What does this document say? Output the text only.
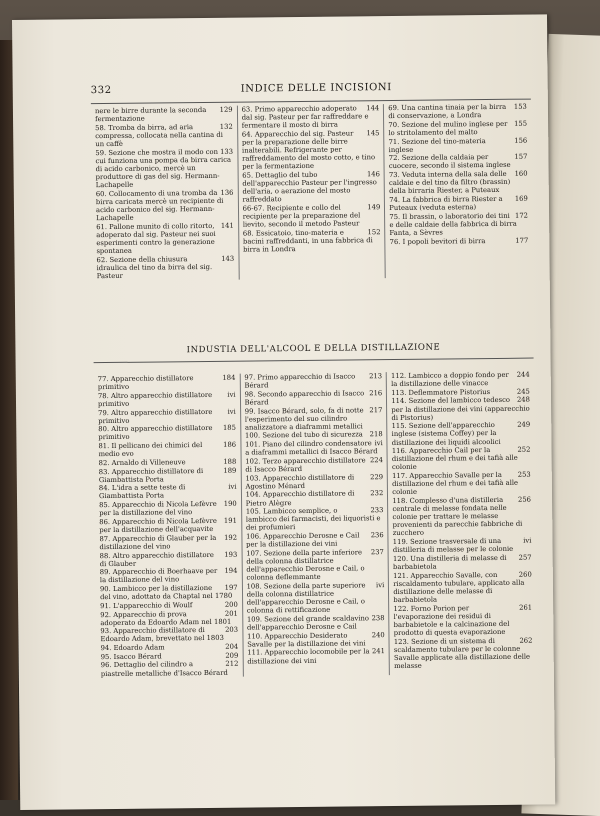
332	INDICE DELLE INCISIONI
129
nere le birre durante la seconda fermentazione
132
58. Tromba da birra, ad aria compressa, collocata nella cantina di un caffè
133
59. Sezione che mostra il modo con cui funziona una pompa da birra carica di acido carbonico, mercè un produttore di gas del sig. Hermann-Lachapelle
136
60. Collocamento di una tromba da birra caricata mercè un recipiente di acido carbonico del sig. Hermann-Lachapelle
141
61. Pallone munito di collo ritorto, adoperato dal sig. Pasteur nei suoi esperimenti contro la generazione spontanea
143
62. Sezione della chiusura idraulica del tino da birra del sig. Pasteur
144
63. Primo apparecchio adoperato dal sig. Pasteur per far raffreddare e fermentare il mosto di birra
145
64. Apparecchio del sig. Pasteur per la preparazione delle birre inalterabili. Refrigerante per raffreddamento del mosto cotto, e tino per la fermentazione
146
65. Dettaglio del tubo dell'apparecchio Pasteur per l'ingresso dell'aria, o aerazione del mosto raffreddato
149
66-67. Recipiente e collo del recipiente per la preparazione del lievito, secondo il metodo Pasteur
152
68. Essicatoio, tino-materia e bacini raffreddanti, in una fabbrica di birra in Londra
153
69. Una cantina tinaia per la birra di conservazione, a Londra
155
70. Sezione del mulino inglese per lo stritolamento del malto
156
71. Sezione del tino-materia inglese
157
72. Sezione della caldaia per cuocere, secondo il sistema inglese
160
73. Veduta interna della sala delle caldaie e del tino da filtro (brassin) della birraria Riester, a Puteaux
169
74. La fabbrica di birra Riester a Puteaux (veduta esterna)
172
75. Il brassin, o laboratorio dei tini e delle caldaie della fabbrica di birra Fanta, a Sèvres
177
76. I popoli bevitori di birra
INDUSTIA DELL'ALCOOL E DELLA DISTILLAZIONE
184
77. Apparecchio distillatore primitivo
ivi
78. Altro apparecchio distillatore primitivo
ivi
79. Altro apparecchio distillatore primitivo
185
80. Altro apparecchio distillatore primitivo
186
81. Il pellicano dei chimici del medio evo
188
82. Arnaldo di Villeneuve
189
83. Apparecchio distillatore di Giambattista Porta
ivi
84. L'idra a sette teste di Giambattista Porta
190
85. Apparecchio di Nicola Lefèvre per la distillazione del vino
191
86. Apparecchio di Nicola Lefèvre per la distillazione dell'acquavite
192
87. Apparecchio di Glauber per la distillazione del vino
193
88. Altro apparecchio distillatore di Glauber
194
89. Apparecchio di Boerhaave per la distillazione del vino
197
90. Lambicco per la distillazione del vino, adottato da Chaptal nel 1780
200
91. L'apparecchio di Woulf
201
92. Apparecchio di prova adoperato da Edoardo Adam nel 1801
203
93. Apparecchio distillatore di Edoardo Adam, brevettato nel 1803
204
94. Edoardo Adam
209
95. Isacco Bérard
212
96. Dettaglio del cilindro a piastrelle metalliche d'Isacco Bérard
213
97. Primo apparecchio di Isacco Bérard
216
98. Secondo apparecchio di Isacco Bérard
217
99. Isacco Bérard, solo, fa di notte l'esperimento del suo cilindro analizzatore a diaframmi metallici
218
100. Sezione del tubo di sicurezza
ivi
101. Piano del cilindro condensatore a diaframmi metallici di Isacco Bérard
224
102. Terzo apparecchio distillatore di Isacco Bérard
229
103. Apparecchio distillatore di Agostino Ménard
232
104. Apparecchio distillatore di Pietro Alègre
233
105. Lambicco semplice, o lambicco dei farmacisti, dei liquoristi e dei profumieri
236
106. Apparecchio Derosne e Cail per la distillazione dei vini
237
107. Sezione della parte inferiore della colonna distillatrice dell'apparecchio Derosne e Cail, o colonna deflemmante
ivi
108. Sezione della parte superiore della colonna distillatrice dell'apparecchio Derosne e Cail, o colonna di rettificazione
238
109. Sezione del grande scaldavino dell'apparecchio Derosne e Cail
240
110. Apparecchio Desiderato Savalle per la distillazione dei vini
241
111. Apparecchio locomobile per la distillazione dei vini
244
112. Lambicco a doppio fondo per la distillazione delle vinacce
245
113. Deflemmatore Pistorius
248
114. Sezione del lambicco tedesco per la distillazione dei vini (apparecchio di Pistorius)
249
115. Sezione dell'apparecchio inglese (sistema Coffey) per la distillazione dei liquidi alcoolici
252
116. Apparecchio Cail per la distillazione del rhum e dei tafià alle colonie
253
117. Apparecchio Savalle per la distillazione del rhum e dei tafià alle colonie
256
118. Complesso d'una distilleria centrale di melasse fondata nelle colonie per trattare le melasse provenienti da parecchie fabbriche di zucchero
ivi
119. Sezione trasversale di una distilleria di melasse per le colonie
257
120. Una distilleria di melasse di barbabietola
260
121. Apparecchio Savalle, con riscaldamento tubulare, applicato alla distillazione delle melasse di barbabietola
261
122. Forno Porion per l'evaporazione dei residui di barbabietole e la calcinazione del prodotto di questa evaporazione
262
123. Sezione di un sistema di scaldamento tubulare per le colonne Savalle applicate alla distillazione delle melasse
